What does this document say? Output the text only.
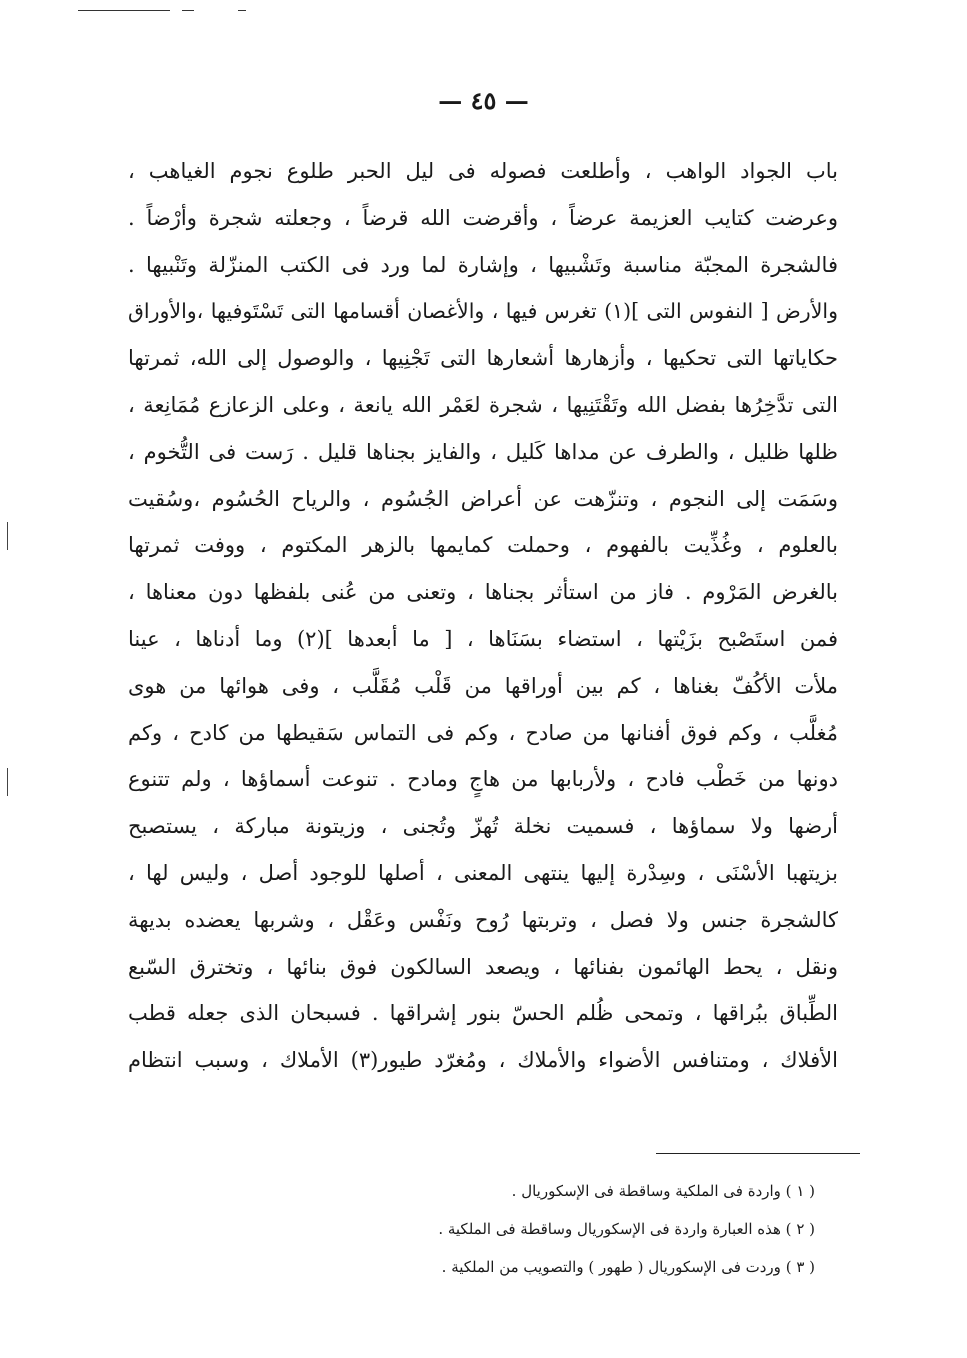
— ٤٥ —
باب الجواد الواهب ، وأطلعت فصوله فى ليل الحبر طلوع نجوم الغياهب ،
وعرضت كتايب العزيمة عرضاً ، وأقرضت الله قرضاً ، وجعلته شجرة وأرْضاً .
فالشجرة المجبّة مناسبة وتَشْبيها ، وإشارة لما ورد فى الكتب المنزّلة وتَنْبيها .
والأرض [ النفوس التى ](١) تغرس فيها ، والأغصان أقسامها التى تَسْتَوفيها ،والأوراق
حكاياتها التى تحكيها ، وأزهارها أشعارها التى تَجْنِيها ، والوصول إلى الله، ثمرتها
التى تدَّخِرُها بفضل الله وتَقْتَنِيها ، شجرة لعَمْر الله يانعة ، وعلى الزعازع مُمَانِعة ،
ظلها ظليل ، والطرف عن مداها كَليل ، والفايز بجناها قليل . رَست فى التُّخوم ،
وسَمَت إلى النجوم ، وتنزّهت عن أعراض الجُسُوم ، والرياح الحُسُوم ،وسُقيت
بالعلوم ، وغُذِّيت بالفهوم ، وحملت كمايمها بالزهر المكتوم ، ووفت ثمرتها
بالغرض المَرْوم . فاز من استأثر بجناها ، وتعنى من عُنى بلفظها دون معناها ،
فمن استَصْبح بزَيْتها ، استضاء بسَنَاها ، [ ما أبعدها ](٢) وما أدناها ، عينا
ملأت الأكُفّ بغناها ، كم بين أوراقها من قَلْب مُقَلَّب ، وفى هوائها من هوى
مُغلَّب ، وكم فوق أفنانها من صادح ، وكم فى التماس سَقيطها من كادح ، وكم
دونها من خَطْب فادح ، ولأربابها من هاجٍ ومادح . تنوعت أسماؤها ، ولم تتنوع
أرضها ولا سماؤها ، فسميت نخلة تُهزّ وتُجنى ، وزيتونة مباركة ، يستصبح
بزيتهبا الأسْنَى ، وسِدْرة إليها ينتهى المعنى ، أصلها للوجود أصل ، وليس لها ،
كالشجرة جنس ولا فصل ، وتربتها رُوح ونَفْس وعَقْل ، وشربها يعضده بديهة
ونقل ، يحط الهائمون بفنائها ، ويصعد السالكون فوق بنائها ، وتخترق السّبع
الطِّباق ببُراقها ، وتمحى ظُلم الحسّ بنور إشراقها . فسبحان الذى جعله قطب
الأفلاك ، ومتنافس الأضواء والأملاك ، ومُغرّد طيور(٣) الأملاك ، وسبب انتظام
( ١ ) واردة فى الملكية وساقطة فى الإسكوريال .
( ٢ ) هذه العبارة واردة فى الإسكوريال وساقطة فى الملكية .
( ٣ ) وردت فى الإسكوريال ( طهور ) والتصويب من الملكية .
